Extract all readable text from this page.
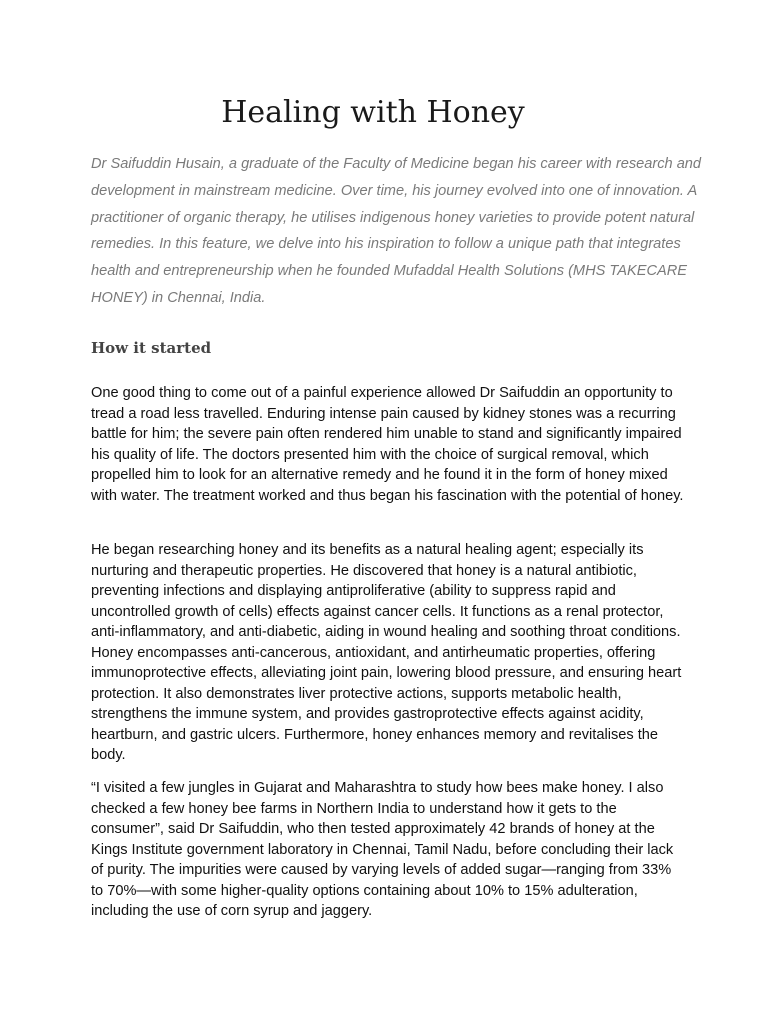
Healing with Honey

Dr Saifuddin Husain, a graduate of the Faculty of Medicine began his career with research and development in mainstream medicine. Over time, his journey evolved into one of innovation. A practitioner of organic therapy, he utilises indigenous honey varieties to provide potent natural remedies. In this feature, we delve into his inspiration to follow a unique path that integrates health and entrepreneurship when he founded Mufaddal Health Solutions (MHS TAKECARE HONEY) in Chennai, India.

How it started

One good thing to come out of a painful experience allowed Dr Saifuddin an opportunity to tread a road less travelled. Enduring intense pain caused by kidney stones was a recurring battle for him; the severe pain often rendered him unable to stand and significantly impaired his quality of life. The doctors presented him with the choice of surgical removal, which propelled him to look for an alternative remedy and he found it in the form of honey mixed with water. The treatment worked and thus began his fascination with the potential of honey.

He began researching honey and its benefits as a natural healing agent; especially its nurturing and therapeutic properties. He discovered that honey is a natural antibiotic, preventing infections and displaying antiproliferative (ability to suppress rapid and uncontrolled growth of cells) effects against cancer cells. It functions as a renal protector, anti-inflammatory, and anti-diabetic, aiding in wound healing and soothing throat conditions. Honey encompasses anti-cancerous, antioxidant, and antirheumatic properties, offering immunoprotective effects, alleviating joint pain, lowering blood pressure, and ensuring heart protection. It also demonstrates liver protective actions, supports metabolic health, strengthens the immune system, and provides gastroprotective effects against acidity, heartburn, and gastric ulcers. Furthermore, honey enhances memory and revitalises the body.

“I visited a few jungles in Gujarat and Maharashtra to study how bees make honey. I also checked a few honey bee farms in Northern India to understand how it gets to the consumer”, said Dr Saifuddin, who then tested approximately 42 brands of honey at the Kings Institute government laboratory in Chennai, Tamil Nadu, before concluding their lack of purity. The impurities were caused by varying levels of added sugar—ranging from 33% to 70%—with some higher-quality options containing about 10% to 15% adulteration, including the use of corn syrup and jaggery.
